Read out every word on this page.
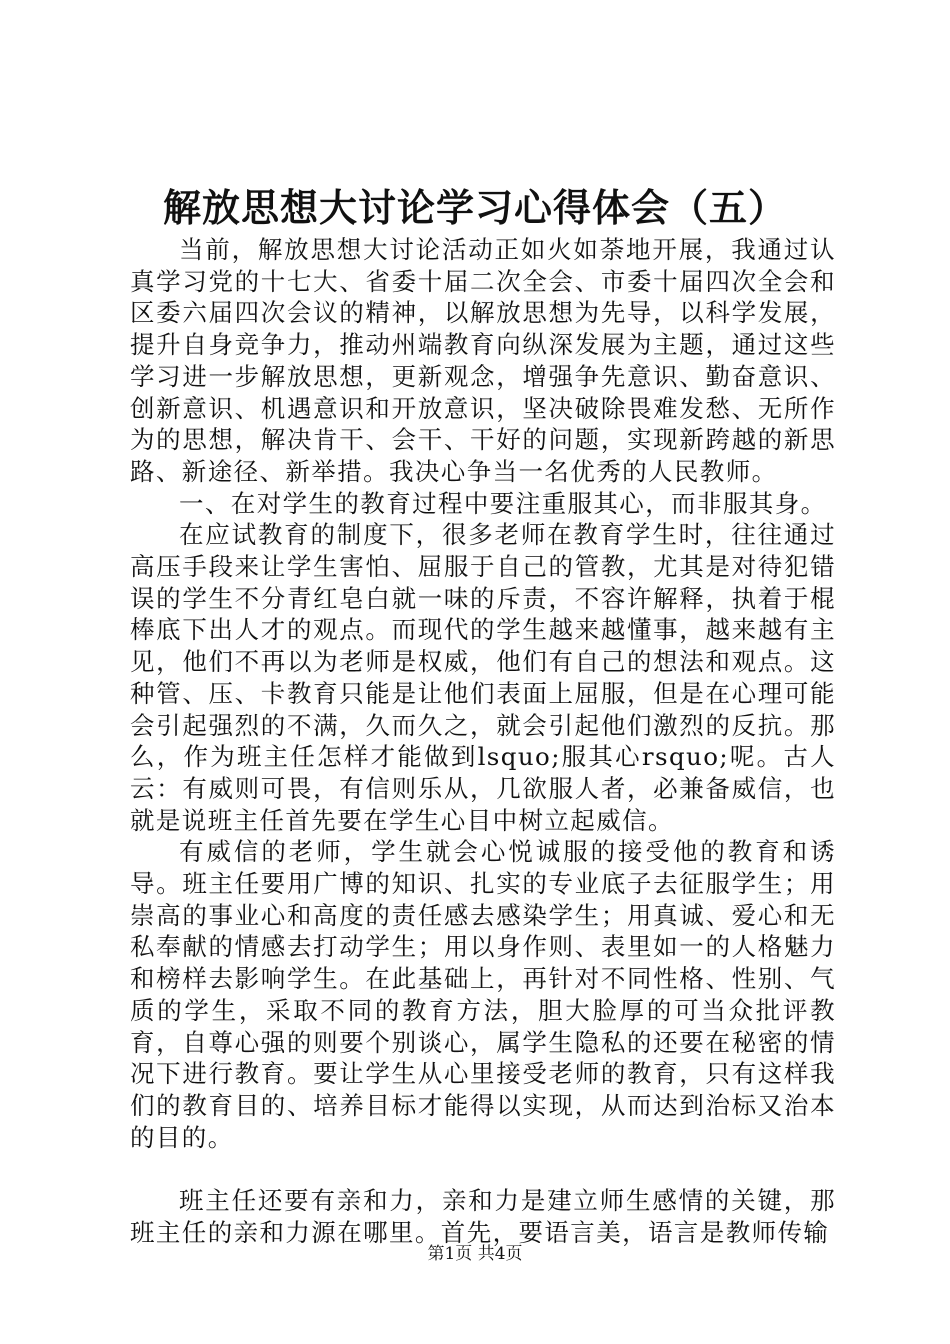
解放思想大讨论学习心得体会（五）

当前，解放思想大讨论活动正如火如荼地开展，我通过认真学习党的十七大、省委十届二次全会、市委十届四次全会和区委六届四次会议的精神，以解放思想为先导，以科学发展，提升自身竞争力，推动州端教育向纵深发展为主题，通过这些学习进一步解放思想，更新观念，增强争先意识、勤奋意识、创新意识、机遇意识和开放意识，坚决破除畏难发愁、无所作为的思想，解决肯干、会干、干好的问题，实现新跨越的新思路、新途径、新举措。我决心争当一名优秀的人民教师。

一、在对学生的教育过程中要注重服其心，而非服其身。

在应试教育的制度下，很多老师在教育学生时，往往通过高压手段来让学生害怕、屈服于自己的管教，尤其是对待犯错误的学生不分青红皂白就一味的斥责，不容许解释，执着于棍棒底下出人才的观点。而现代的学生越来越懂事，越来越有主见，他们不再以为老师是权威，他们有自己的想法和观点。这种管、压、卡教育只能是让他们表面上屈服，但是在心理可能会引起强烈的不满，久而久之，就会引起他们激烈的反抗。那么，作为班主任怎样才能做到lsquo;服其心rsquo;呢。古人云：有威则可畏，有信则乐从，几欲服人者，必兼备威信，也就是说班主任首先要在学生心目中树立起威信。

有威信的老师，学生就会心悦诚服的接受他的教育和诱导。班主任要用广博的知识、扎实的专业底子去征服学生；用崇高的事业心和高度的责任感去感染学生；用真诚、爱心和无私奉献的情感去打动学生；用以身作则、表里如一的人格魅力和榜样去影响学生。在此基础上，再针对不同性格、性别、气质的学生，采取不同的教育方法，胆大脸厚的可当众批评教育，自尊心强的则要个别谈心，属学生隐私的还要在秘密的情况下进行教育。要让学生从心里接受老师的教育，只有这样我们的教育目的、培养目标才能得以实现，从而达到治标又治本的目的。

班主任还要有亲和力，亲和力是建立师生感情的关键，那班主任的亲和力源在哪里。首先，要语言美，语言是教师传输

第1页 共4页
